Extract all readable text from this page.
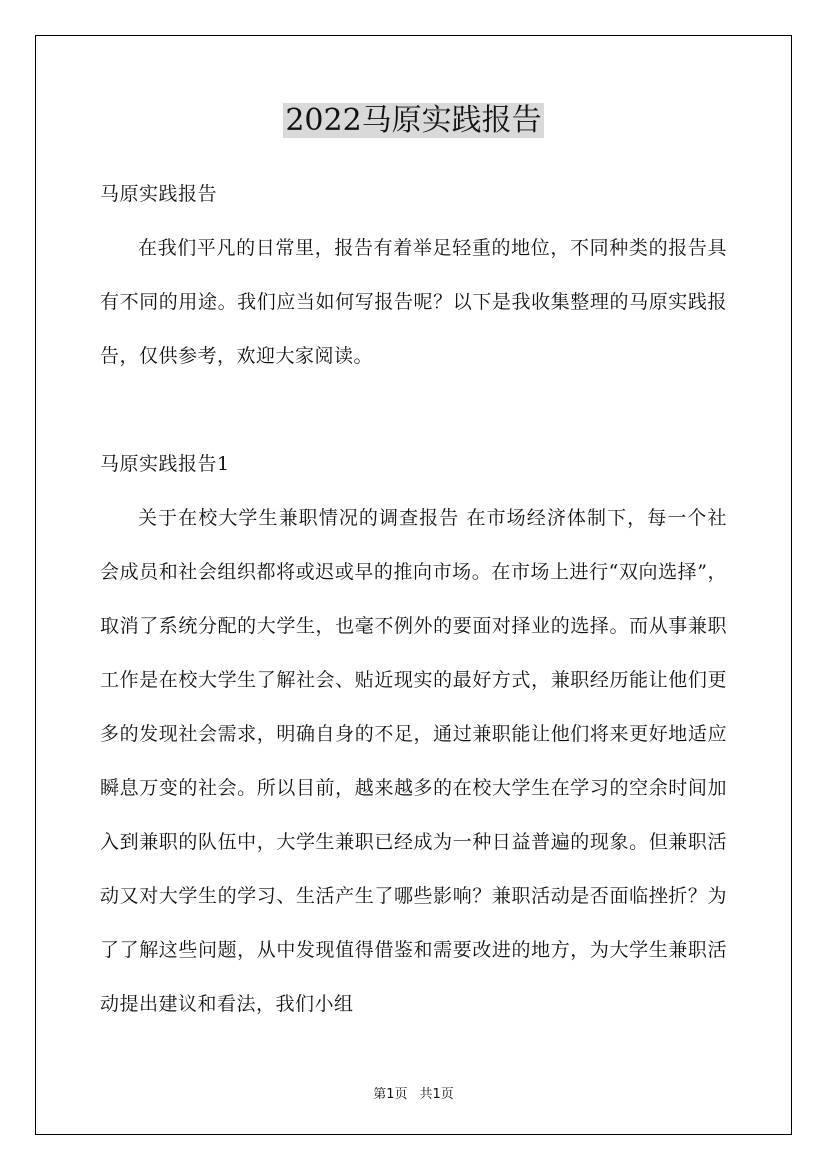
2022马原实践报告
马原实践报告
在我们平凡的日常里，报告有着举足轻重的地位，不同种类的报告具有不同的用途。我们应当如何写报告呢？以下是我收集整理的马原实践报告，仅供参考，欢迎大家阅读。
马原实践报告1
关于在校大学生兼职情况的调查报告 在市场经济体制下，每一个社会成员和社会组织都将或迟或早的推向市场。在市场上进行“双向选择”，取消了系统分配的大学生，也毫不例外的要面对择业的选择。而从事兼职工作是在校大学生了解社会、贴近现实的最好方式，兼职经历能让他们更多的发现社会需求，明确自身的不足，通过兼职能让他们将来更好地适应瞬息万变的社会。所以目前，越来越多的在校大学生在学习的空余时间加入到兼职的队伍中，大学生兼职已经成为一种日益普遍的现象。但兼职活动又对大学生的学习、生活产生了哪些影响？兼职活动是否面临挫折？为了了解这些问题，从中发现值得借鉴和需要改进的地方，为大学生兼职活动提出建议和看法，我们小组
第1页 共1页
